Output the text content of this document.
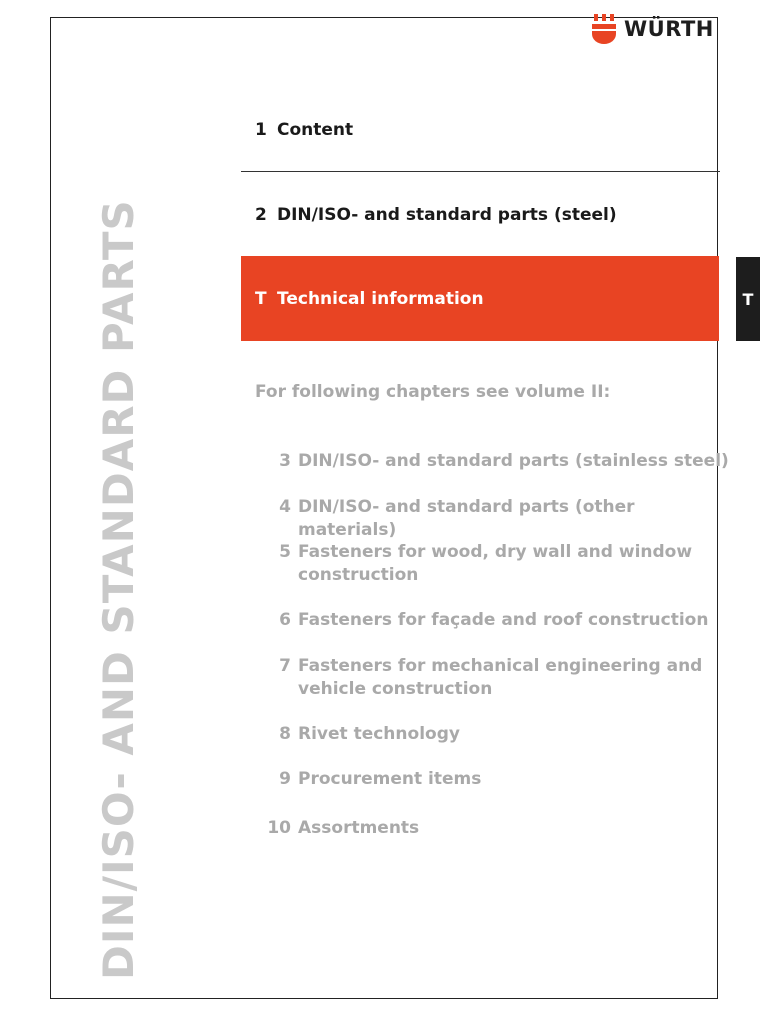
WÜRTH
DIN/ISO- AND STANDARD PARTS
1 Content
2 DIN/ISO- and standard parts (steel)
T Technical information	T
For following chapters see volume II:
3 DIN/ISO- and standard parts (stainless steel)
4 DIN/ISO- and standard parts (other materials)
5 Fasteners for wood, dry wall and window construction
6 Fasteners for façade and roof construction
7 Fasteners for mechanical engineering and vehicle construction
8 Rivet technology
9 Procurement items
10 Assortments
